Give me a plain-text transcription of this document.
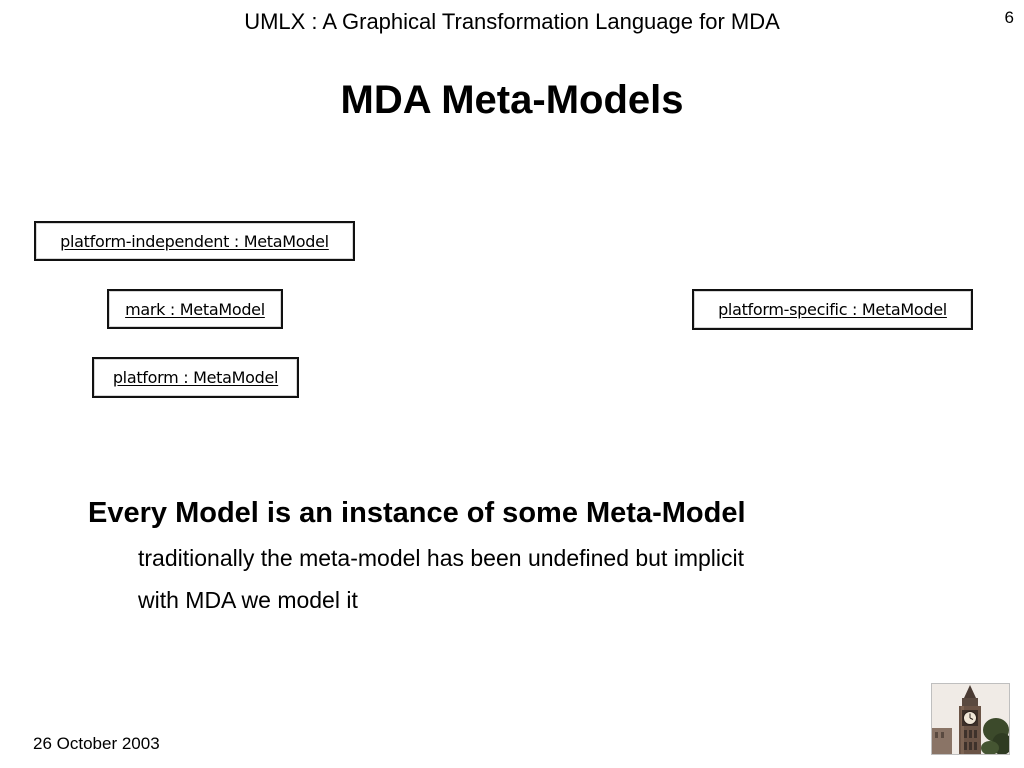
UMLX : A Graphical Transformation Language for MDA	6
MDA Meta-Models
platform-independent : MetaModel
mark : MetaModel
platform : MetaModel
platform-specific : MetaModel
Every Model is an instance of some Meta-Model
traditionally the meta-model has been undefined but implicit
with MDA we model it
26 October 2003
